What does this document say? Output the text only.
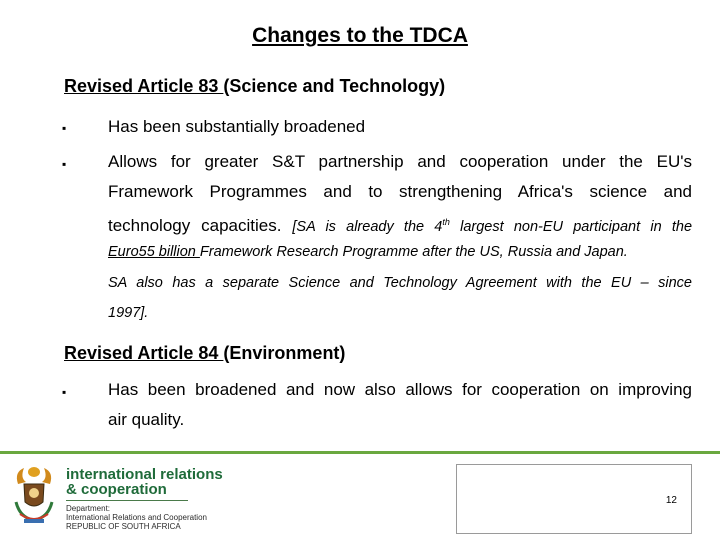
Changes to the TDCA
Revised Article 83 (Science and Technology)
▪ Has been substantially broadened
▪ Allows for greater S&T partnership and cooperation under the EU's
Framework Programmes and to strengthening Africa's science and
technology capacities. [SA is already the 4th largest non-EU participant in the
Euro55 billion Framework Research Programme after the US, Russia and Japan.
SA also has a separate Science and Technology Agreement with the EU – since
1997].
Revised Article 84 (Environment)
▪ Has been broadened and now also allows for cooperation on improving
air quality.
international relations
& cooperation
Department:
International Relations and Cooperation
REPUBLIC OF SOUTH AFRICA
12
